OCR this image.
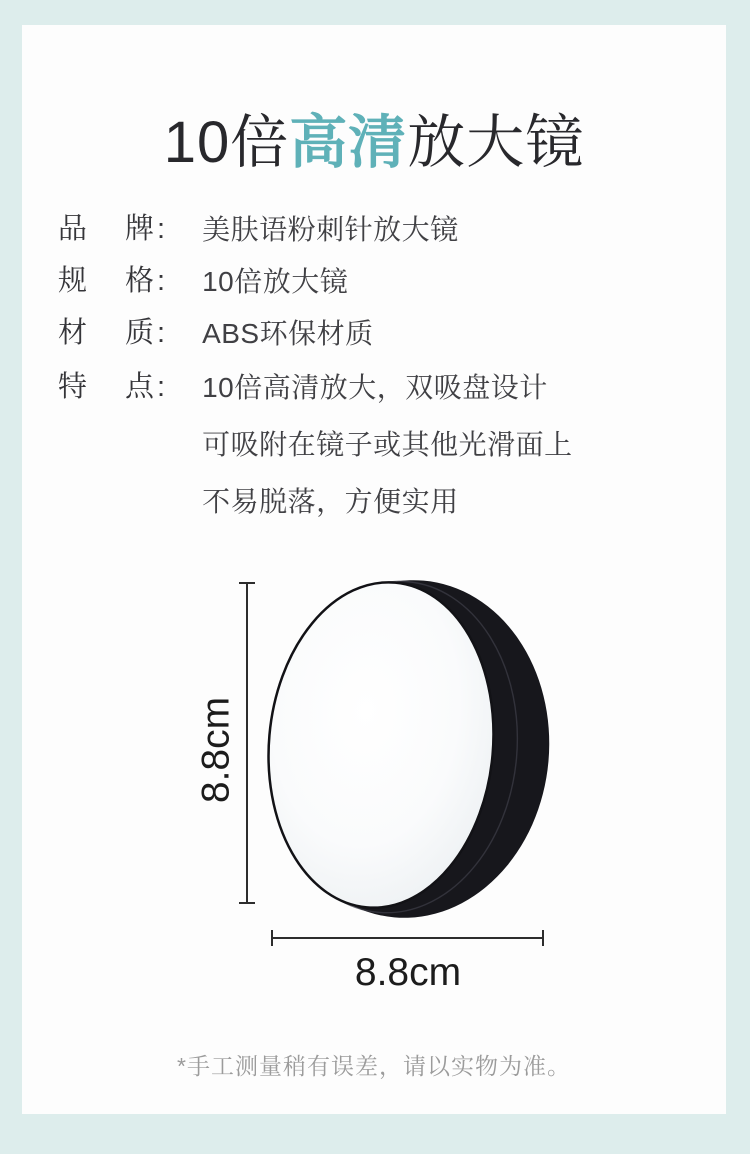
10倍高清放大镜
品 牌 : 美肤语粉刺针放大镜
规 格 : 10倍放大镜
材 质 : ABS环保材质
特 点 : 10倍高清放大，双吸盘设计
可吸附在镜子或其他光滑面上
不易脱落，方便实用
8.8cm
8.8cm
*手工测量稍有误差，请以实物为准。
